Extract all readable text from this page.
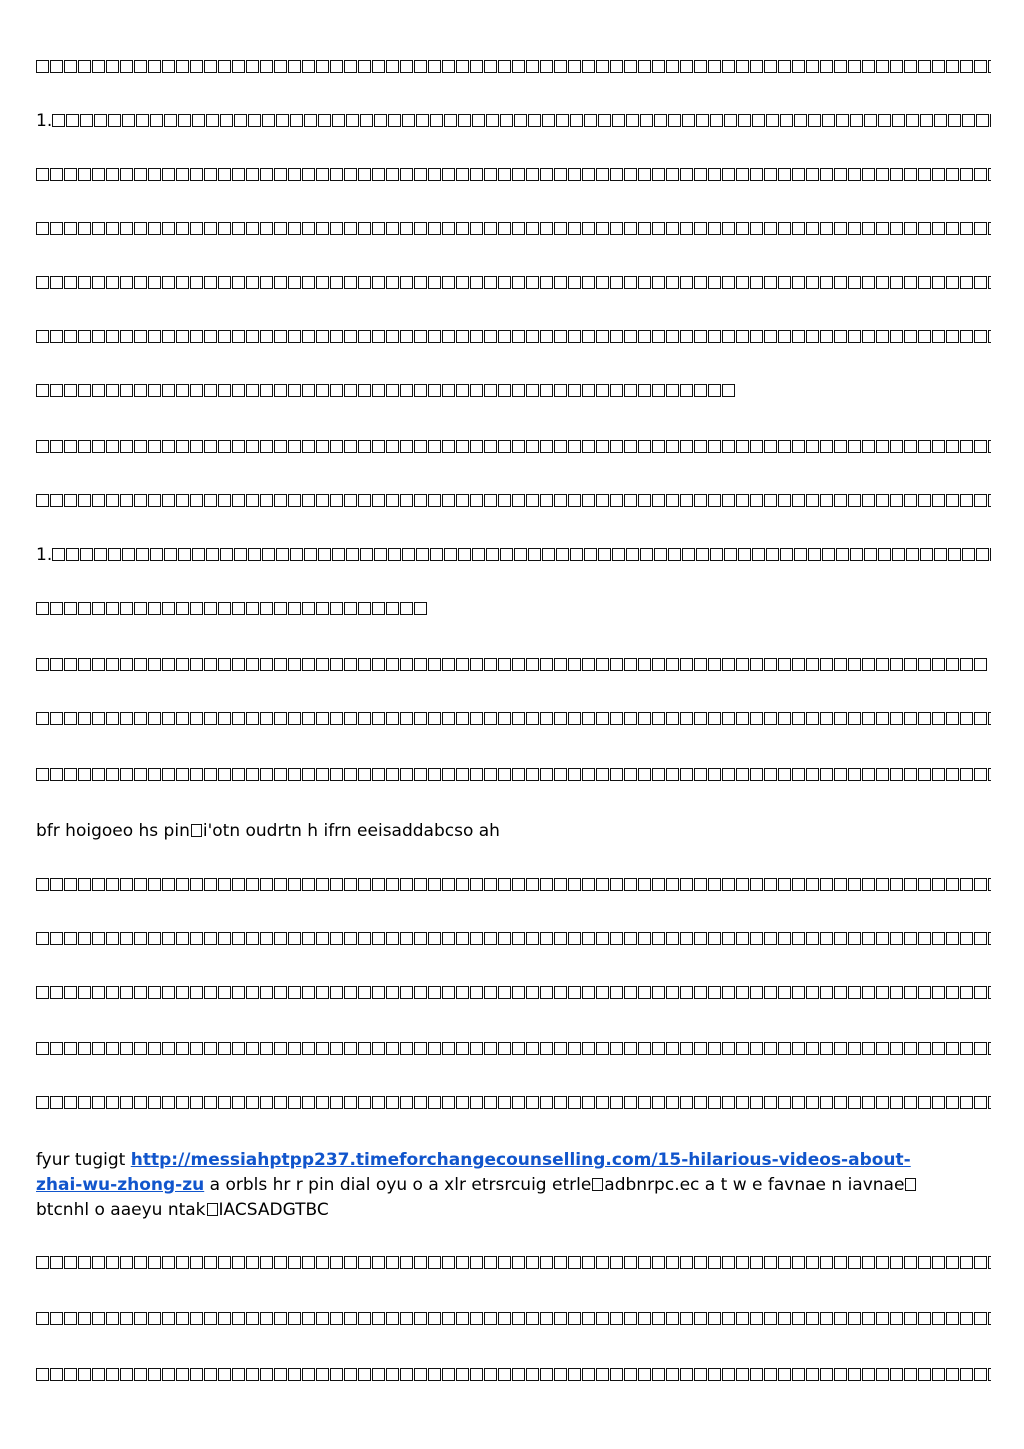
1.
1.
bfr hoigoeo hs pin i'otn oudrtn h ifrn eeisaddabcso ah
fyur tugigt http://messiahptpp237.timeforchangecounselling.com/15-hilarious-videos-about-zhai-wu-zhong-zu a orbls hr r pin dial oyu o a xlr etrsrcuig etrle adbnrpc.ec a t w e favnae n iavnaebtcnhl o aaeyu ntak IACSADGTBC
